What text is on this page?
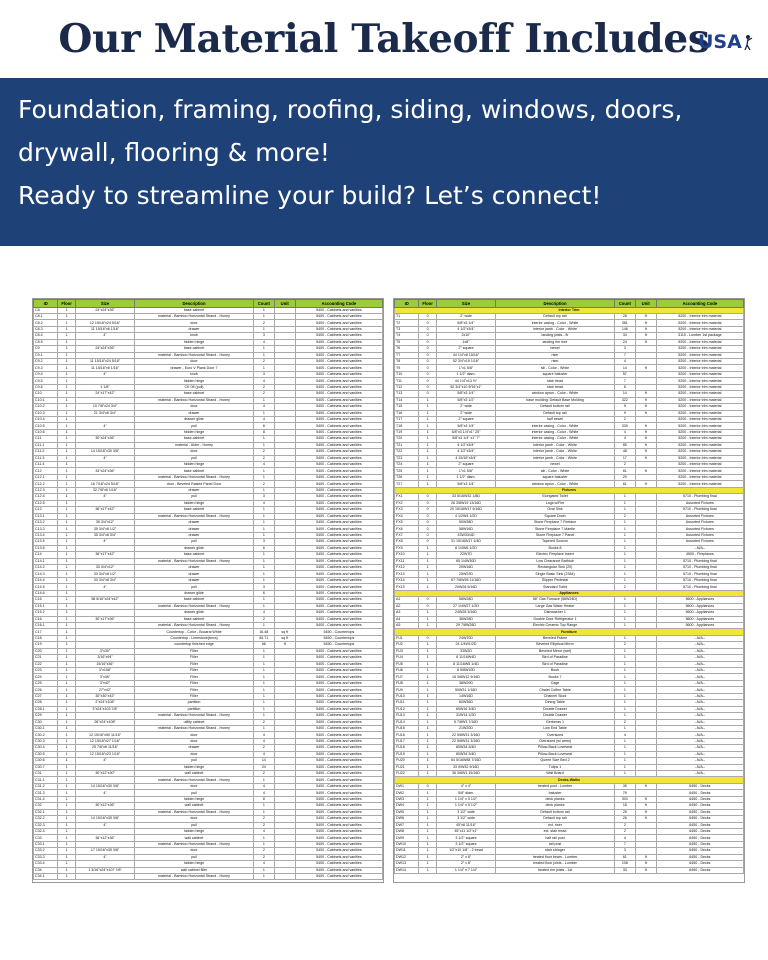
Our Material Takeoff Includes
USA
Foundation, framing, roofing, siding, windows, doors,
drywall, flooring & more!
Ready to streamline your build? Let’s connect!
ID	Floor	Size	Description	Count	Unit	Accounting Code
C8	1	24"x24"x36"	base cabinet	1		5400 - Cabinets and vanities
C8.1	1		material - Bamboo Horizontal Strand - Honey	1		5400 - Cabinets and vanities
C8.2	1	12 15/16"x24 5/16"	door	2		5400 - Cabinets and vanities
C8.3	1	11 15/16"x6 1/16"	drawer	1		5400 - Cabinets and vanities
C8.4	1	4"	knob	3		5400 - Cabinets and vanities
C8.5	1		hidden hinge	4		5400 - Cabinets and vanities
C9	1	24"x24"x36"	base cabinet	1		5400 - Cabinets and vanities
C9.1	1		material - Bamboo Horizontal Strand - Honey	1		5400 - Cabinets and vanities
C9.2	1	11 15/16"x24 5/16"	door	2		5400 - Cabinets and vanities
C9.3	1	11 15/16"x6 1/16"	drawer - Euro V Plank Door 7	1		5400 - Cabinets and vanities
C9.4	1	4"	knob	3		5400 - Cabinets and vanities
C9.5	1		hidden hinge	4		5400 - Cabinets and vanities
C9.6	1	1 1/8"	CK 08 (pull)	2		5400 - Cabinets and vanities
C10	1	24"x17"x42"	base cabinet	2		5400 - Cabinets and vanities
C10.1	1		material - Bamboo Horizontal Strand - Honey	1		5400 - Cabinets and vanities
C10.2	1	10 7/8"x24 3/4"	door	4		5400 - Cabinets and vanities
C10.3	1	21 3/4"x6 3/4"	drawer	1		5400 - Cabinets and vanities
C10.4	1		drawer glide	4		5400 - Cabinets and vanities
C10.5	1	4"	pull	6		5400 - Cabinets and vanities
C10.6	1		hidden hinge	8		5400 - Cabinets and vanities
C11	1	30"x24"x36"	base cabinet	1		5400 - Cabinets and vanities
C11.1	1		material - Alder - Honey	1		5400 - Cabinets and vanities
C11.2	1	14 15/16"x30 3/8"	door	2		5400 - Cabinets and vanities
C11.3	1	4"	pull	2		5400 - Cabinets and vanities
C11.4	1		hidden hinge	4		5400 - Cabinets and vanities
C12	1	33"x24"x36"	base cabinet	1		5400 - Cabinets and vanities
C12.1	1		material - Bamboo Horizontal Strand - Honey	1		5400 - Cabinets and vanities
C12.2	1	16 7/16"x24 5/16"	door - Beveled Raised Panel Door	2		5400 - Cabinets and vanities
C12.3	1	32 7/8"x6 1/16"	drawer	1		5400 - Cabinets and vanities
C12.4	1	4"	pull	3		5400 - Cabinets and vanities
C12.5	1		hidden hinge	4		5400 - Cabinets and vanities
C13	1	36"x17"x42"	base cabinet	1		5400 - Cabinets and vanities
C13.1	1		material - Bamboo Horizontal Strand - Honey	1		5400 - Cabinets and vanities
C13.2	1	35 3/4"x12"	drawer	1		5400 - Cabinets and vanities
C13.3	1	35 3/4"x8 1/2"	drawer	1		5400 - Cabinets and vanities
C13.4	1	35 3/4"x8 3/4"	drawer	1		5400 - Cabinets and vanities
C13.5	1	4"	pull	3		5400 - Cabinets and vanities
C13.6	1		drawer glide	6		5400 - Cabinets and vanities
C14	1	36"x17"x42"	base cabinet	1		5400 - Cabinets and vanities
C14.1	1		material - Bamboo Horizontal Strand - Honey	1		5400 - Cabinets and vanities
C14.2	1	33 3/4"x12"	drawer	1		5400 - Cabinets and vanities
C14.3	1	33 3/4"x8 1/2"	drawer	1		5400 - Cabinets and vanities
C14.4	1	33 3/4"x8 3/4"	drawer	1		5400 - Cabinets and vanities
C14.5	1	4"	pull	3		5400 - Cabinets and vanities
C14.6	1		drawer glide	6		5400 - Cabinets and vanities
C15	1	58 5/16"x24"x42"	base cabinet	1		5400 - Cabinets and vanities
C15.1	1		material - Bamboo Horizontal Strand - Honey	1		5400 - Cabinets and vanities
C15.2	1		drawer glide	4		5400 - Cabinets and vanities
C16	1	30"x17"x36"	base cabinet	2		5400 - Cabinets and vanities
C16.1	1		material - Bamboo Horizontal Strand - Honey	1		5400 - Cabinets and vanities
C17	1		Countertop - Color - Bocaral White	16.48	sq ft	5450 - Countertops
C18	1		Countertop - Limestone(terra)	84.71	sq ft	5450 - Countertops
C19	1		countertop finished edge	66	ft	5450 - Countertops
C20	1	3"x30"	Filler	1		5400 - Cabinets and vanities
C21	1	3/16"x94"	Filler	1		5400 - Cabinets and vanities
C22	1	15/16"x36"	Filler	1		5400 - Cabinets and vanities
C23	1	3"x108"	Filler	1		5400 - Cabinets and vanities
C24	1	3"x36"	Filler	1		5400 - Cabinets and vanities
C25	1	3"x42"	Filler	1		5400 - Cabinets and vanities
C26	1	27"x42"	Filler	1		5400 - Cabinets and vanities
C27	1	30"x30"x42"	Filler	1		5400 - Cabinets and vanities
C28	1	2"x24"x108"	partition	1		5400 - Cabinets and vanities
C28.1	1	3"x24"x103 7/8"	partition	1		5400 - Cabinets and vanities
C29	1		material - Bamboo Horizontal Strand - Honey	1		5400 - Cabinets and vanities
C30	1	26"x24"x108"	utility cabinet	2		5400 - Cabinets and vanities
C30.1	1		material - Bamboo Horizontal Strand - Honey	1		5400 - Cabinets and vanities
C30.2	1	12 15/16"x50 11/16"	door	4		5400 - Cabinets and vanities
C30.3	1	12 15/16"x27 1/16"	door	4		5400 - Cabinets and vanities
C30.4	1	25 7/8"x6 11/16"	drawer	2		5400 - Cabinets and vanities
C30.5	1	12 15/16"x23 1/16"	door	4		5400 - Cabinets and vanities
C30.6	1	4"	pull	14		5400 - Cabinets and vanities
C30.7	1		hidden hinge	24		5400 - Cabinets and vanities
C31	1	30"x12"x30"	wall cabinet	2		5400 - Cabinets and vanities
C31.1	1		material - Bamboo Horizontal Strand - Honey	1		5400 - Cabinets and vanities
C31.2	1	14 15/16"x30 3/8"	door	4		5400 - Cabinets and vanities
C31.3	1	4"	pull	4		5400 - Cabinets and vanities
C31.4	1		hidden hinge	8		5400 - Cabinets and vanities
C32	1	30"x12"x36"	wall cabinet	1		5400 - Cabinets and vanities
C32.1	1		material - Bamboo Horizontal Strand - Honey	1		5400 - Cabinets and vanities
C32.2	1	14 15/16"x35 3/8"	door	2		5400 - Cabinets and vanities
C32.3	1	4"	pull	2		5400 - Cabinets and vanities
C32.4	1		hidden hinge	4		5400 - Cabinets and vanities
C33	1	36"x12"x36"	wall cabinet	1		5400 - Cabinets and vanities
C33.1	1		material - Bamboo Horizontal Strand - Honey	1		5400 - Cabinets and vanities
C33.2	1	17 15/16"x35 3/8"	door	2		5400 - Cabinets and vanities
C33.3	1	4"	pull	2		5400 - Cabinets and vanities
C33.4	1		hidden hinge	4		5400 - Cabinets and vanities
C34	1	1 3/16"x24"x107 7/8"	wall cabinet filler	1		5400 - Cabinets and vanities
C34.1	1		material - Bamboo Horizontal Strand - Honey	1		5400 - Cabinets and vanities
ID	Floor	Size	Description	Count	Unit	Accounting Code
Interior Trim						
T1	0	2" wide	Default top rail	28	ft	5200 - Interior trim material
T2	0	5/8"x3 1/4"	interior casing - Color - White	381	ft	5200 - Interior trim material
T3	0	4 1/2"x3/4"	interior jamb - Color - White	146	ft	5200 - Interior trim material
T4	0	2x10"	landing joists - fir	34	ft	3110 - Lumber 1st package
T5	0	1x8"	landing rim tree	24	ft	5200 - Interior trim material
T6	0	2" square	newel	3		5200 - Interior trim material
T7	0	44 1/4"x8 15/16"	riser	7		5200 - Interior trim material
T8	0	52 3/4"x10 1/16"	riser	4		5200 - Interior trim material
T9	0	1"x1 5/8"	sill - Color - White	14	ft	5200 - Interior trim material
T10	0	1 1/2" diam.	square baluster	57		5200 - Interior trim material
T11	0	44 1/4"x13 ½"	stair tread	7		5200 - Interior trim material
T12	0	52 3/4"x10 9/16"x1"	stair tread	6		5200 - Interior trim material
T13	0	5/8"x3 1/4"	window apron - Color - White	14	ft	5200 - Interior trim material
T14	1	5/8"x3 1/2"	base molding: Default Base Molding	322	ft	5200 - Interior trim material
T15	1	2" wide	Default bottom rail	9	ft	5200 - Interior trim material
T16	1	2" wide	Default top rail	9	ft	5200 - Interior trim material
T17	1	2" square	half newel	2		5200 - Interior trim material
T18	1	5/8"x3 1/4"	interior casing - Color - White	339	ft	5200 - Interior trim material
T19	1	5/8"x3 1/4"x1" 25"	interior casing - Color - White	4	ft	5200 - Interior trim material
T20	1	5/8"x3 1/4" x1" 7"	interior casing - Color - White	4	ft	5200 - Interior trim material
T21	1	4 1/2"x3/4"	interior jamb - Color - White	85	ft	5200 - Interior trim material
T22	1	4 1/2"x3/4"	interior jamb - Color - White	48	ft	5200 - Interior trim material
T23	1	4 15/16"x3/4"	interior jamb - Color - White	17	ft	5200 - Interior trim material
T24	1	2" square	newel	2		5200 - Interior trim material
T25	1	1"x1 5/8"	sill - Color - White	61	ft	5200 - Interior trim material
T26	1	1 1/2" diam.	square baluster	20		5200 - Interior trim material
T27	1	5/8"x3 1/4"	window apron - Color - White	61	ft	5200 - Interior trim material
Fixtures						
FX1	0	33 5/16W32 1/8D	Elongated Toilet	1		5710 - Plumbing final
FX2	0	26 3/8W19 13/16D	Logs w/Fire	1		Assorted Fixtures
FX3	0	20 15/16W17 9/16D	Oval Sink	1		5710 - Plumbing final
FX4	0	4 1/2W4 1/2D	Square Drain	2		Assorted Fixtures
FX5	0	50W38D	Stone Fireplace 7 Fireface	1		Assorted Fixtures
FX6	0	58W16D	Stone Fireplace 7 Mantle	1		Assorted Fixtures
FX7	0	43W33/4D	Stone Fireplace 7 Panel	1		Assorted Fixtures
FX8	0	31 15/16W17 1/4D	Tapered Sconce	1		Assorted Fixtures
FX9	1	8 1/4W6 1/2D	Books 8	1		--N/A--
FX10	1	22W7D	Electric Fireplace Insert	1		4500 - Fireplaces
FX11	1	65 1/4W30D	Low Clearance Bathtub	1		5710 - Plumbing final
FX12	1	20W16D	Rectangular Sink (20)	1		5710 - Plumbing final
FX13	1	25W22D	Single Basin Sink (2384)	1		5710 - Plumbing final
FX14	1	67 7/8W28 11/16D	Slipper Pedestal	1		5710 - Plumbing final
FX15	1	20W26 5/16D	Standard Toilet	2		5710 - Plumbing final
Appliances						
A1	0	58W28D	58" Gas Furnace (58W24D)	1		5600 - Appliances
A2	0	27 1/4W27 1/2D	Large Gas Water Heater	1		5600 - Appliances
A3	1	24W28 3/16D	Dishwasher 1	1		5600 - Appliances
A4	1	36W28D	Double Door Refrigerator 1	1		5600 - Appliances
A5	1	29 7/8W28D	Electric Ceramic Top Range	1		5600 - Appliances
Furniture						
FU1	0	24W70D	Beveled Frame	1		--N/A--
FU2	1	24 1/4W1/2D	Beveled Elliptical Mirror	2		--N/A--
FU3	1	33W2D	Beveled Mirror (wet)	1		--N/A--
FU4	1	8 11/16W4D	Bird of Paradise	1		--N/A--
FU5	1	8 11/16W5 1/4D	Bird of Paradise	1		--N/A--
FU6	1	8 5/8W10D	Book	1		--N/A--
FU7	1	15 3/8W12 9/16D	Books 7	1		--N/A--
FU8	1	38W20D	Cage	1		--N/A--
FU9	1	50W31 1/16D	Chalet Coffee Table	1		--N/A--
FU10	1	14W16D	Channel Stool	1		--N/A--
FU11	1	60W36D	Dining Table	1		--N/A--
FU12	1	60W16 3/4D	Double Drawer	1		--N/A--
FU13	1	31W14 1/2D	Double Drawer	1		--N/A--
FU14	1	5 7/8W3 7/16D	Gerberas 1	2		--N/A--
FU15	1	21W20D	Low End Table	1		--N/A--
FU16	1	22 5/8W31 3/16D	Oversized	4		--N/A--
FU17	1	22 5/8W31 3/16D	Oversized (w/ arms)	1		--N/A--
FU18	1	80W34 3/4D	Pillow-Back Loveseat	1		--N/A--
FU19	1	80W34 3/4D	Pillow-Back Loveseat	1		--N/A--
FU20	1	64 5/16W88 7/16D	Queen Size Bed 2	1		--N/A--
FU21	1	33 9/W32 9/16D	Tulips 1	1		--N/A--
FU22	1	36 3/8W1 15/16D	Wall Board	1		--N/A--
Decks-Walks						
DW1	0	4" x 4"	treated post - Lumber	35	ft	6450 - Decks
DW2	1	5/8" diam.	baluster	79		6450 - Decks
DW3	1	1 1/4" x 5 1/2"	deck planks	303	ft	6450 - Decks
DW4	1	1 1/4" x 5 1/2"	deck planks	18	ft	6450 - Decks
DW5	1	3 1/2" wide	Default bottom rail	25	ft	6450 - Decks
DW6	1	3 1/2" wide	Default top rail	26	ft	6450 - Decks
DW7	1	45"x6 11/16"	ext. riser	2		6450 - Decks
DW8	1	45"x11 1/2"x1"	ext. stair tread	2		6450 - Decks
DW9	1	3 1/2" square	half rail post	4		6450 - Decks
DW10	1	3 1/2" square	rail post	7		6450 - Decks
DW11	1	1/2"x10 1/8" - 2 tread	stair stringer	3		6450 - Decks
DW12	1	2" x 8"	treated floor beam - Lumber	61	ft	6450 - Decks
DW13	1	2" x 8"	treated floor joists - Lumber	108	ft	6450 - Decks
DW14	1	1 1/4" x 7 1/4"	treated rim joists - 1st	33	ft	6450 - Decks
